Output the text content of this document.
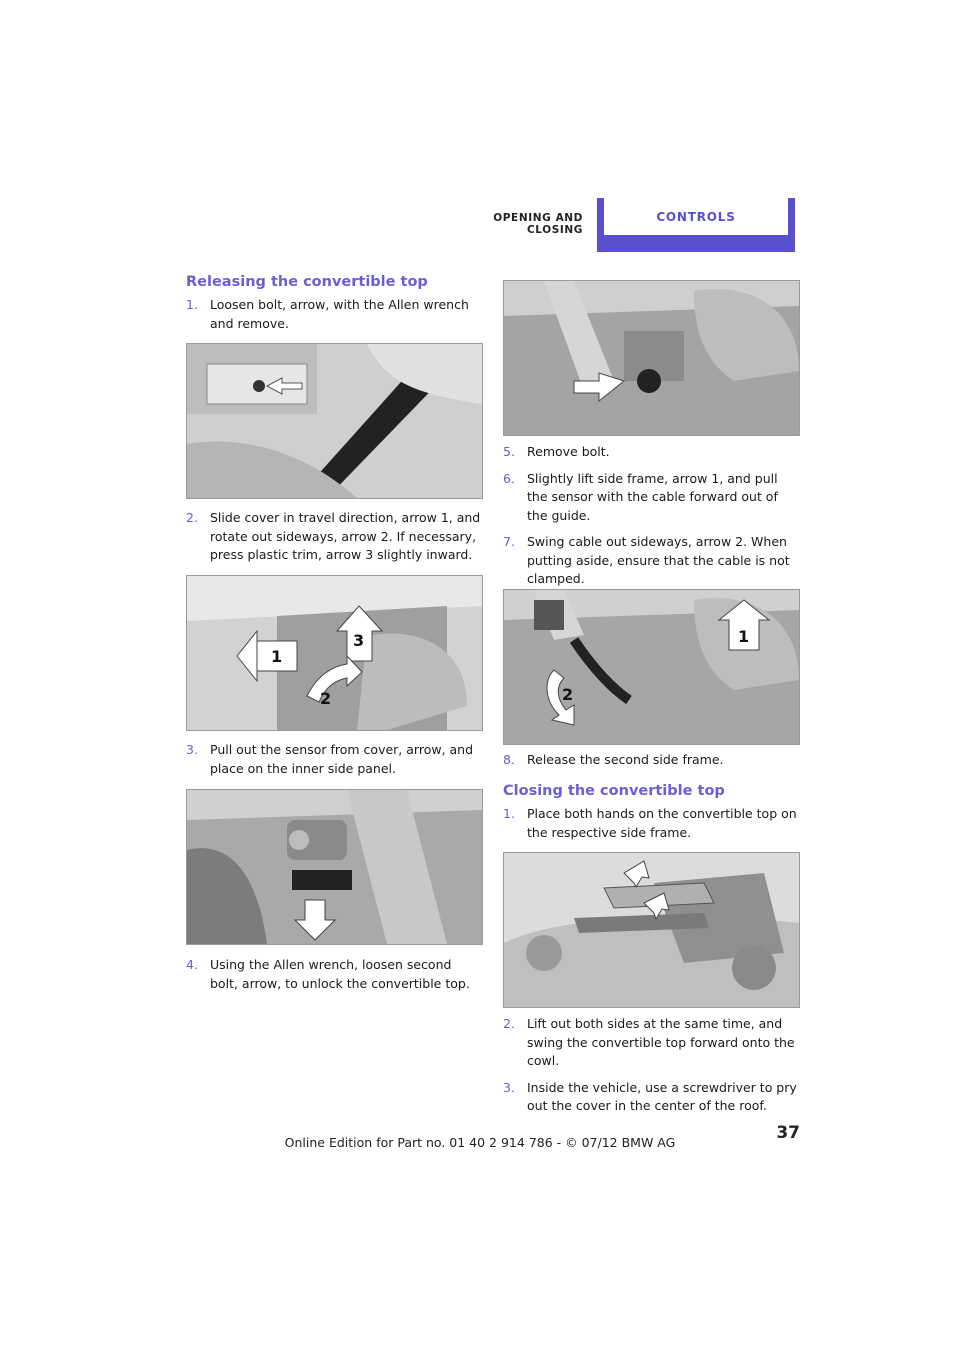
OPENING AND CLOSING
CONTROLS
Releasing the convertible top
1. Loosen bolt, arrow, with the Allen wrench and remove.
2. Slide cover in travel direction, arrow 1, and rotate out sideways, arrow 2. If necessary, press plastic trim, arrow 3 slightly inward.
1
3
2
3. Pull out the sensor from cover, arrow, and place on the inner side panel.
4. Using the Allen wrench, loosen second bolt, arrow, to unlock the convertible top.
5. Remove bolt.
6. Slightly lift side frame, arrow 1, and pull the sensor with the cable forward out of the guide.
7. Swing cable out sideways, arrow 2. When putting aside, ensure that the cable is not clamped.
1
2
8. Release the second side frame.
Closing the convertible top
1. Place both hands on the convertible top on the respective side frame.
2. Lift out both sides at the same time, and swing the convertible top forward onto the cowl.
3. Inside the vehicle, use a screwdriver to pry out the cover in the center of the roof.
37
Online Edition for Part no. 01 40 2 914 786 - © 07/12 BMW AG
